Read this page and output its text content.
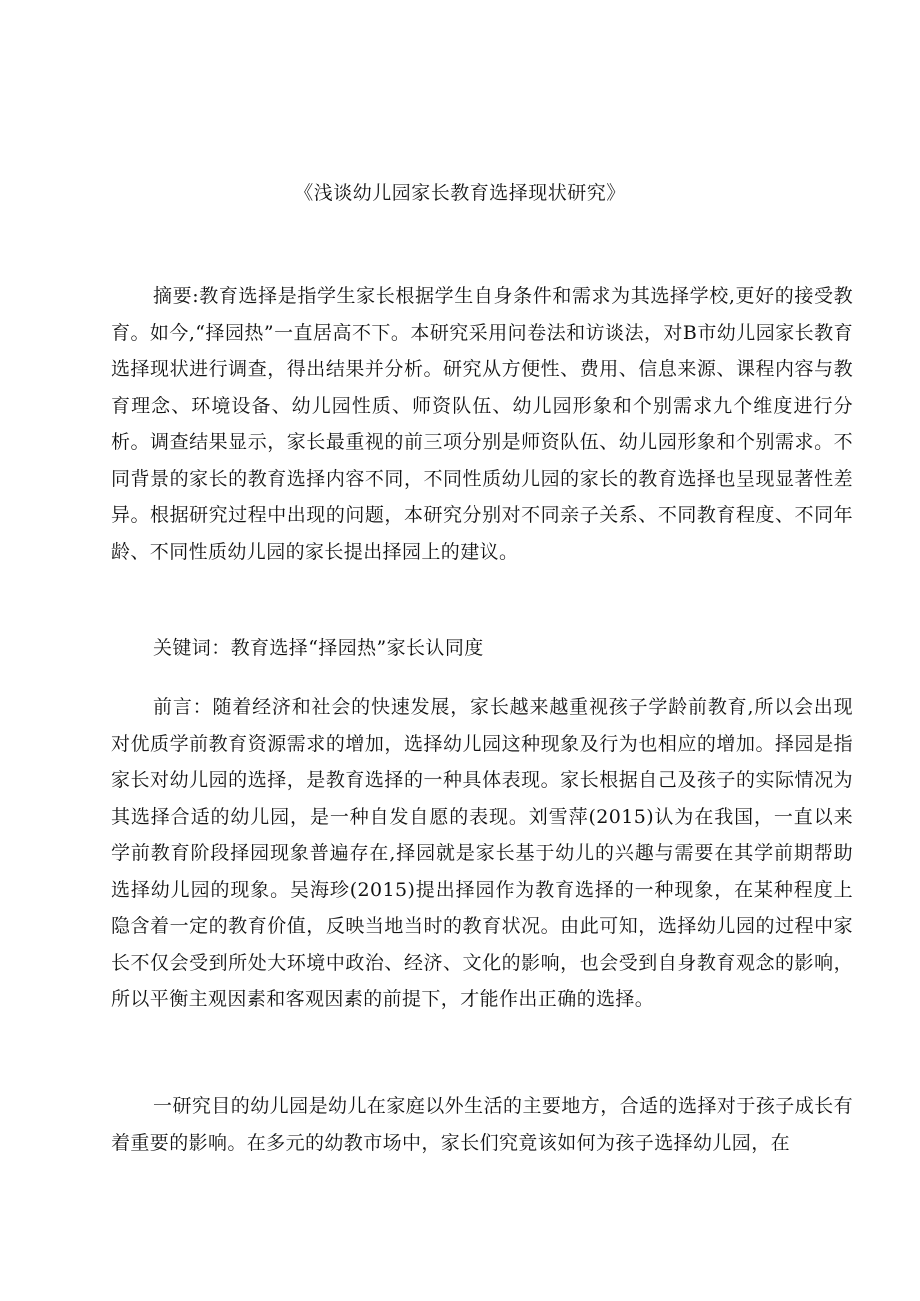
《浅谈幼儿园家长教育选择现状研究》

摘要:教育选择是指学生家长根据学生自身条件和需求为其选择学校,更好的接受教育。如今,“择园热”一直居高不下。本研究采用问卷法和访谈法，对B市幼儿园家长教育选择现状进行调查，得出结果并分析。研究从方便性、费用、信息来源、课程内容与教育理念、环境设备、幼儿园性质、师资队伍、幼儿园形象和个别需求九个维度进行分析。调查结果显示，家长最重视的前三项分别是师资队伍、幼儿园形象和个别需求。不同背景的家长的教育选择内容不同，不同性质幼儿园的家长的教育选择也呈现显著性差异。根据研究过程中出现的问题，本研究分别对不同亲子关系、不同教育程度、不同年龄、不同性质幼儿园的家长提出择园上的建议。

关键词：教育选择“择园热”家长认同度

前言：随着经济和社会的快速发展，家长越来越重视孩子学龄前教育,所以会出现对优质学前教育资源需求的增加，选择幼儿园这种现象及行为也相应的增加。择园是指家长对幼儿园的选择，是教育选择的一种具体表现。家长根据自己及孩子的实际情况为其选择合适的幼儿园，是一种自发自愿的表现。刘雪萍(2015)认为在我国，一直以来学前教育阶段择园现象普遍存在,择园就是家长基于幼儿的兴趣与需要在其学前期帮助选择幼儿园的现象。吴海珍(2015)提出择园作为教育选择的一种现象，在某种程度上隐含着一定的教育价值，反映当地当时的教育状况。由此可知，选择幼儿园的过程中家长不仅会受到所处大环境中政治、经济、文化的影响，也会受到自身教育观念的影响，所以平衡主观因素和客观因素的前提下，才能作出正确的选择。

一研究目的幼儿园是幼儿在家庭以外生活的主要地方，合适的选择对于孩子成长有着重要的影响。在多元的幼教市场中，家长们究竟该如何为孩子选择幼儿园，在
